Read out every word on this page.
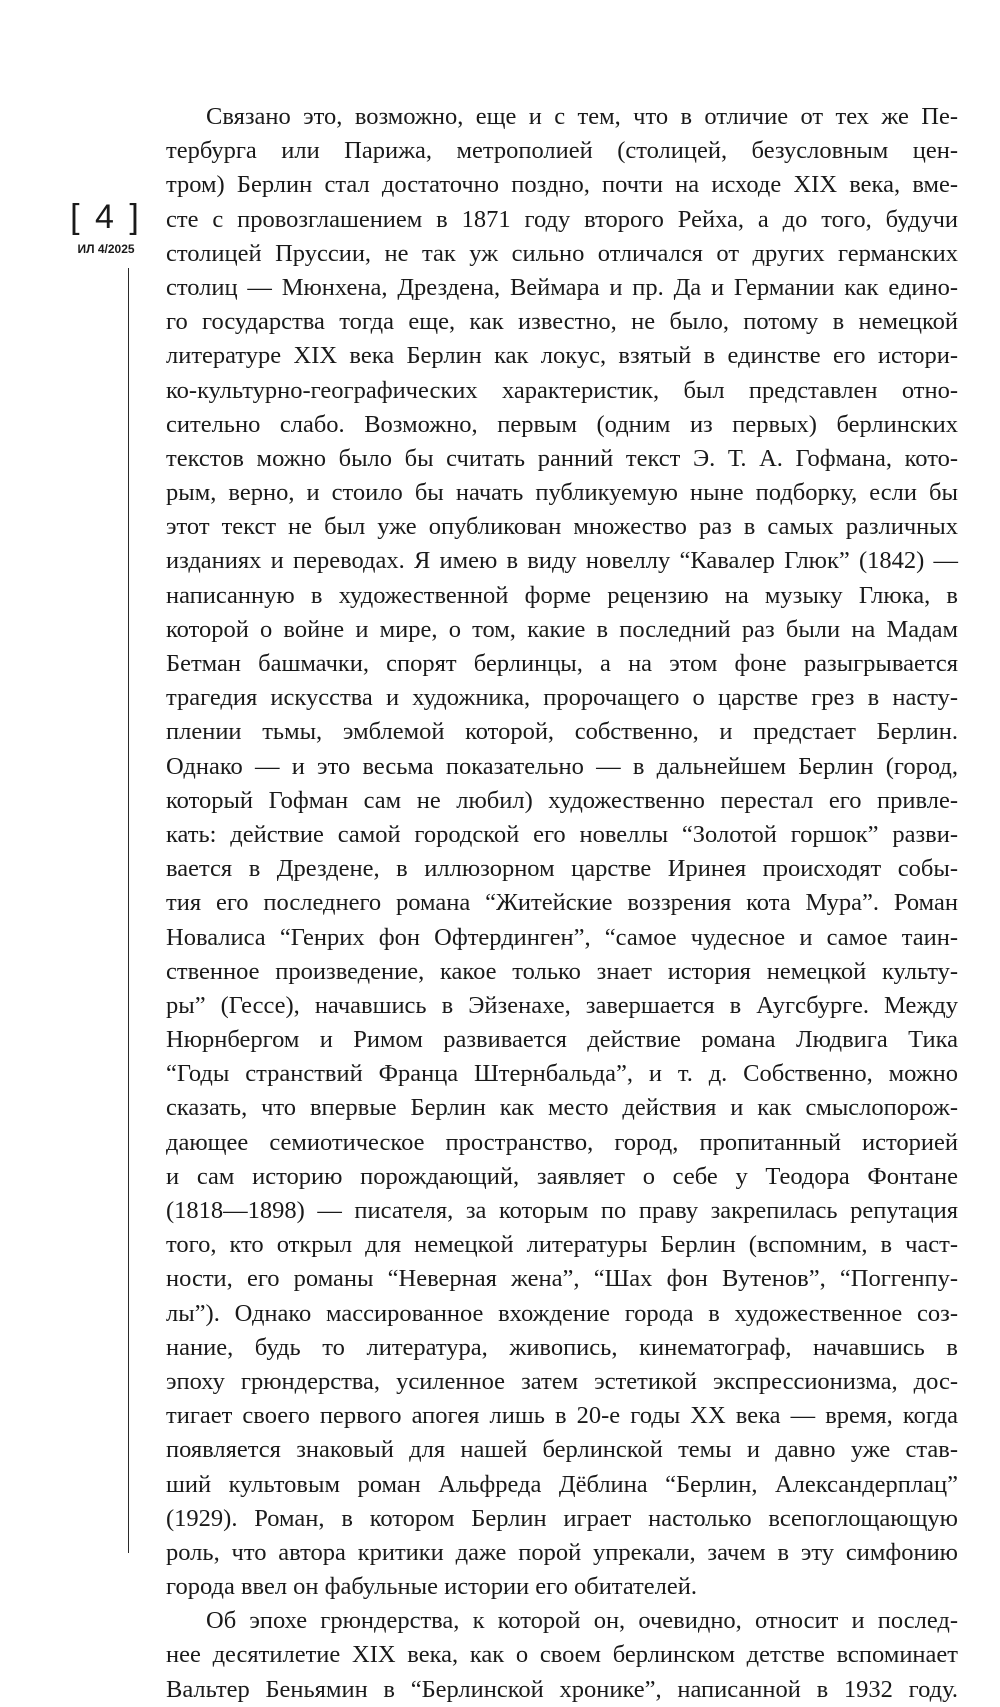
[ 4 ]
ИЛ 4/2025

Связано это, возможно, еще и с тем, что в отличие от тех же Пе-
тербурга или Парижа, метрополией (столицей, безусловным цен-
тром) Берлин стал достаточно поздно, почти на исходе XIX века, вме-
сте с провозглашением в 1871 году второго Рейха, а до того, будучи
столицей Пруссии, не так уж сильно отличался от других германских
столиц — Мюнхена, Дрездена, Веймара и пр. Да и Германии как едино-
го государства тогда еще, как известно, не было, потому в немецкой
литературе XIX века Берлин как локус, взятый в единстве его истори-
ко-культурно-географических характеристик, был представлен отно-
сительно слабо. Возможно, первым (одним из первых) берлинских
текстов можно было бы считать ранний текст Э. Т. А. Гофмана, кото-
рым, верно, и стоило бы начать публикуемую ныне подборку, если бы
этот текст не был уже опубликован множество раз в самых различных
изданиях и переводах. Я имею в виду новеллу “Кавалер Глюк” (1842) —
написанную в художественной форме рецензию на музыку Глюка, в
которой о войне и мире, о том, какие в последний раз были на Мадам
Бетман башмачки, спорят берлинцы, а на этом фоне разыгрывается
трагедия искусства и художника, пророчащего о царстве грез в насту-
плении тьмы, эмблемой которой, собственно, и предстает Берлин.
Однако — и это весьма показательно — в дальнейшем Берлин (город,
который Гофман сам не любил) художественно перестал его привле-
кать: действие самой городской его новеллы “Золотой горшок” разви-
вается в Дрездене, в иллюзорном царстве Иринея происходят собы-
тия его последнего романа “Житейские воззрения кота Мура”. Роман
Новалиса “Генрих фон Офтердинген”, “самое чудесное и самое таин-
ственное произведение, какое только знает история немецкой культу-
ры” (Гессе), начавшись в Эйзенахе, завершается в Аугсбурге. Между
Нюрнбергом и Римом развивается действие романа Людвига Тика
“Годы странствий Франца Штернбальда”, и т. д. Собственно, можно
сказать, что впервые Берлин как место действия и как смыслопорож-
дающее семиотическое пространство, город, пропитанный историей
и сам историю порождающий, заявляет о себе у Теодора Фонтане
(1818—1898) — писателя, за которым по праву закрепилась репутация
того, кто открыл для немецкой литературы Берлин (вспомним, в част-
ности, его романы “Неверная жена”, “Шах фон Вутенов”, “Поггенпу-
лы”). Однако массированное вхождение города в художественное соз-
нание, будь то литература, живопись, кинематограф, начавшись в
эпоху грюндерства, усиленное затем эстетикой экспрессионизма, дос-
тигает своего первого апогея лишь в 20-е годы XX века — время, когда
появляется знаковый для нашей берлинской темы и давно уже став-
ший культовым роман Альфреда Дёблина “Берлин, Александерплац”
(1929). Роман, в котором Берлин играет настолько всепоглощающую
роль, что автора критики даже порой упрекали, зачем в эту симфонию
города ввел он фабульные истории его обитателей.

Об эпохе грюндерства, к которой он, очевидно, относит и послед-
нее десятилетие XIX века, как о своем берлинском детстве вспоминает
Вальтер Беньямин в “Берлинской хронике”, написанной в 1932 году.
